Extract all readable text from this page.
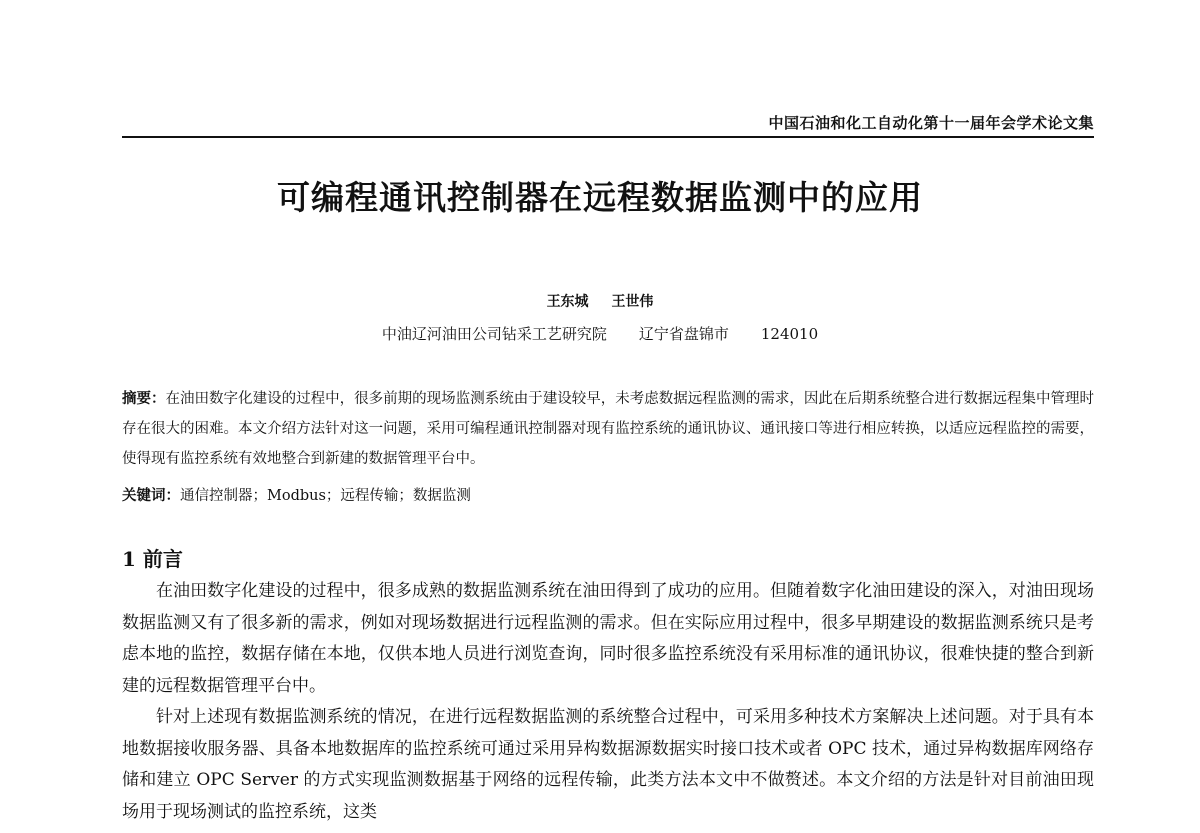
中国石油和化工自动化第十一届年会学术论文集
可编程通讯控制器在远程数据监测中的应用
王东城 王世伟
中油辽河油田公司钻采工艺研究院 辽宁省盘锦市 124010
摘要：在油田数字化建设的过程中，很多前期的现场监测系统由于建设较早，未考虑数据远程监测的需求，因此在后期系统整合进行数据远程集中管理时存在很大的困难。本文介绍方法针对这一问题，采用可编程通讯控制器对现有监控系统的通讯协议、通讯接口等进行相应转换，以适应远程监控的需要，使得现有监控系统有效地整合到新建的数据管理平台中。
关键词：通信控制器；Modbus；远程传输；数据监测
1 前言

在油田数字化建设的过程中，很多成熟的数据监测系统在油田得到了成功的应用。但随着数字化油田建设的深入，对油田现场数据监测又有了很多新的需求，例如对现场数据进行远程监测的需求。但在实际应用过程中，很多早期建设的数据监测系统只是考虑本地的监控，数据存储在本地，仅供本地人员进行浏览查询，同时很多监控系统没有采用标准的通讯协议，很难快捷的整合到新建的远程数据管理平台中。

针对上述现有数据监测系统的情况，在进行远程数据监测的系统整合过程中，可采用多种技术方案解决上述问题。对于具有本地数据接收服务器、具备本地数据库的监控系统可通过采用异构数据源数据实时接口技术或者 OPC 技术，通过异构数据库网络存储和建立 OPC Server 的方式实现监测数据基于网络的远程传输，此类方法本文中不做赘述。本文介绍的方法是针对目前油田现场用于现场测试的监控系统，这类
